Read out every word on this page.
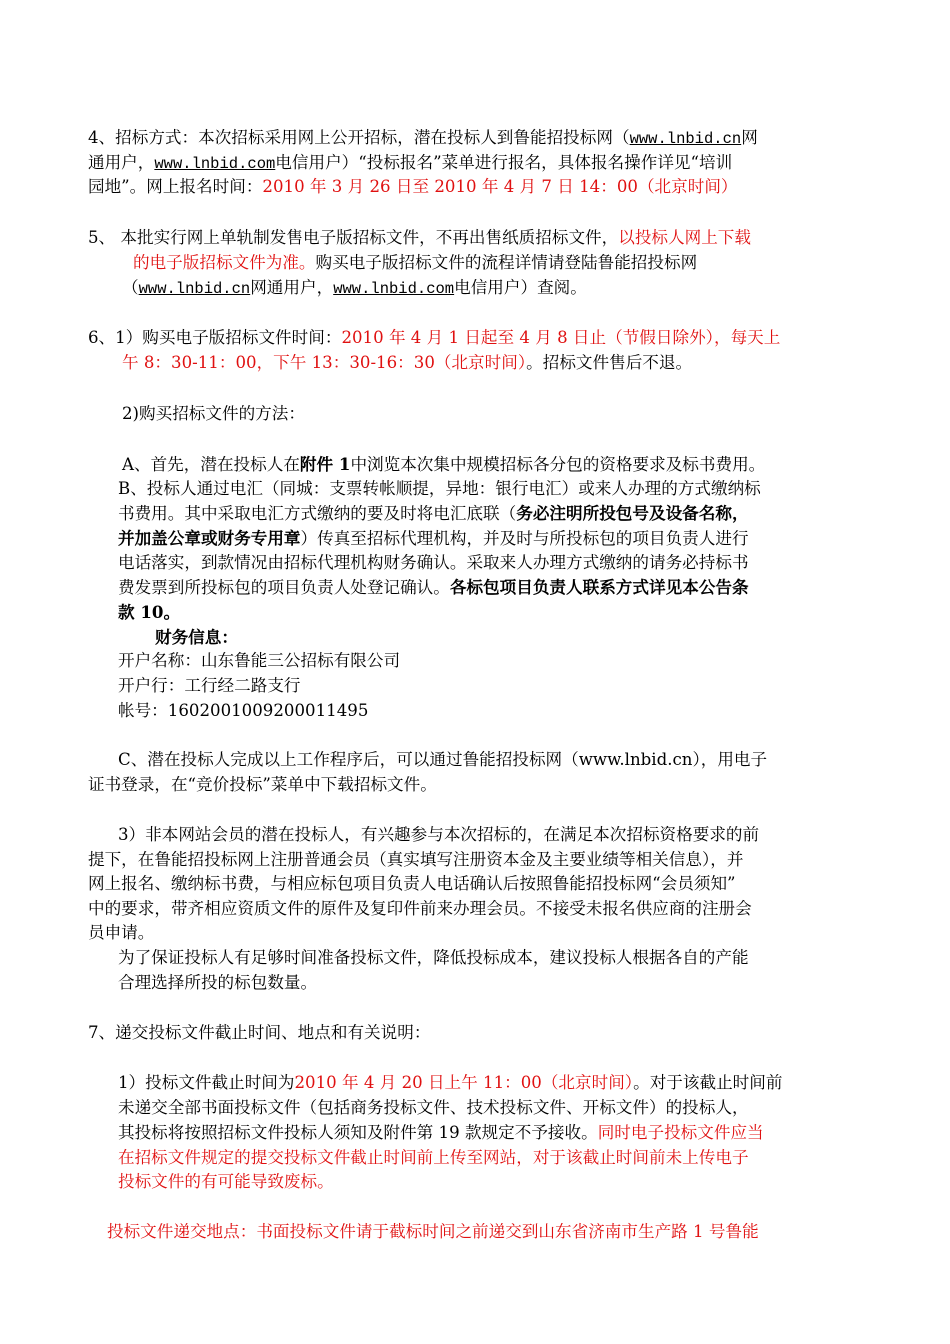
4、招标方式：本次招标采用网上公开招标，潜在投标人到鲁能招投标网（www.lnbid.cn网
通用户，www.lnbid.com电信用户）“投标报名”菜单进行报名，具体报名操作详见“培训
园地”。网上报名时间：2010 年 3 月 26 日至 2010 年 4 月 7 日 14：00（北京时间）
5、 本批实行网上单轨制发售电子版招标文件，不再出售纸质招标文件，以投标人网上下载
的电子版招标文件为准。购买电子版招标文件的流程详情请登陆鲁能招投标网
（www.lnbid.cn网通用户，www.lnbid.com电信用户）查阅。
6、1）购买电子版招标文件时间：2010 年 4 月 1 日起至 4 月 8 日止（节假日除外），每天上
午 8：30-11：00，下午 13：30-16：30（北京时间）。招标文件售后不退。
2)购买招标文件的方法：
A、首先，潜在投标人在附件 1中浏览本次集中规模招标各分包的资格要求及标书费用。
B、投标人通过电汇（同城：支票转帐顺提，异地：银行电汇）或来人办理的方式缴纳标
书费用。其中采取电汇方式缴纳的要及时将电汇底联（务必注明所投包号及设备名称，
并加盖公章或财务专用章）传真至招标代理机构，并及时与所投标包的项目负责人进行
电话落实，到款情况由招标代理机构财务确认。采取来人办理方式缴纳的请务必持标书
费发票到所投标包的项目负责人处登记确认。各标包项目负责人联系方式详见本公告条
款 10。
财务信息：
开户名称：山东鲁能三公招标有限公司
开户行：工行经二路支行
帐号：1602001009200011495
C、潜在投标人完成以上工作程序后，可以通过鲁能招投标网（www.lnbid.cn），用电子
证书登录，在“竞价投标”菜单中下载招标文件。
3）非本网站会员的潜在投标人，有兴趣参与本次招标的，在满足本次招标资格要求的前
提下，在鲁能招投标网上注册普通会员（真实填写注册资本金及主要业绩等相关信息），并
网上报名、缴纳标书费，与相应标包项目负责人电话确认后按照鲁能招投标网“会员须知”
中的要求，带齐相应资质文件的原件及复印件前来办理会员。不接受未报名供应商的注册会
员申请。
为了保证投标人有足够时间准备投标文件，降低投标成本，建议投标人根据各自的产能
合理选择所投的标包数量。
7、递交投标文件截止时间、地点和有关说明：
1）投标文件截止时间为2010 年 4 月 20 日上午 11：00（北京时间）。对于该截止时间前
未递交全部书面投标文件（包括商务投标文件、技术投标文件、开标文件）的投标人，
其投标将按照招标文件投标人须知及附件第 19 款规定不予接收。同时电子投标文件应当
在招标文件规定的提交投标文件截止时间前上传至网站，对于该截止时间前未上传电子
投标文件的有可能导致废标。
投标文件递交地点：书面投标文件请于截标时间之前递交到山东省济南市生产路 1 号鲁能
